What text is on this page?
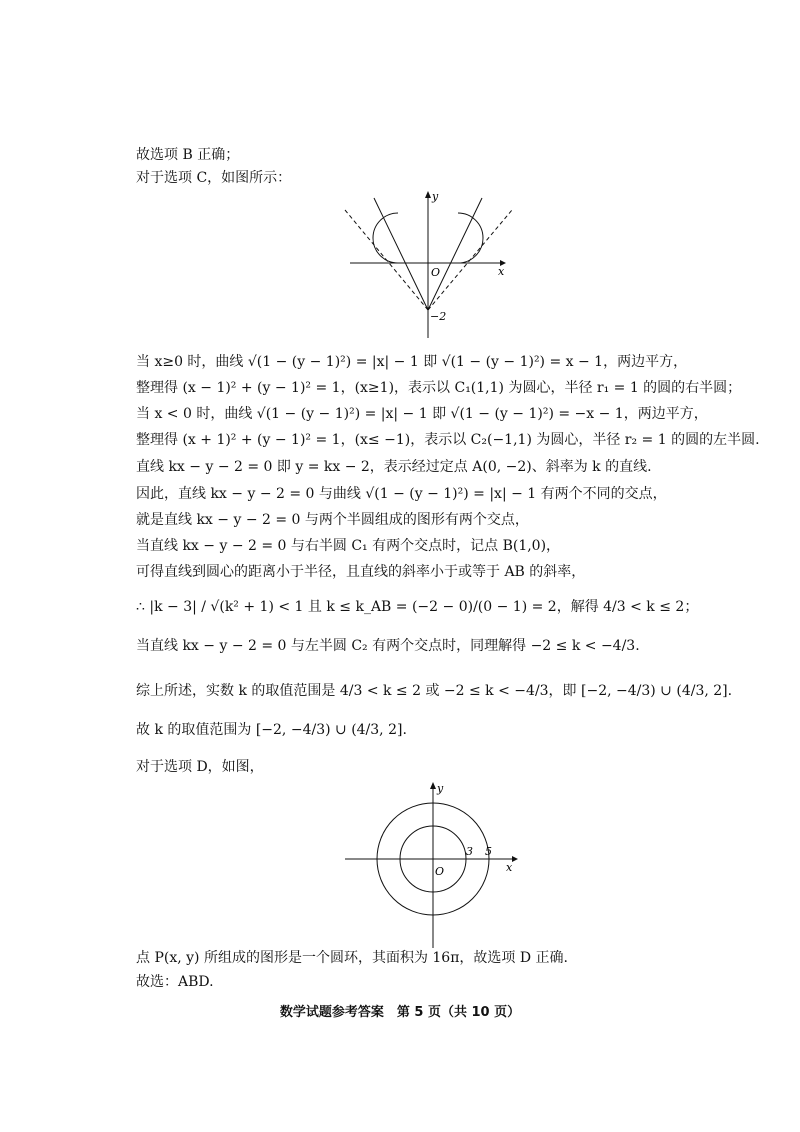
故选项 B 正确；
对于选项 C，如图所示：
y
x
O
−2
当 x≥0 时，曲线 √(1 − (y − 1)²) = |x| − 1 即 √(1 − (y − 1)²) = x − 1，两边平方，
整理得 (x − 1)² + (y − 1)² = 1，(x≥1)，表示以 C₁(1,1) 为圆心，半径 r₁ = 1 的圆的右半圆；
当 x < 0 时，曲线 √(1 − (y − 1)²) = |x| − 1 即 √(1 − (y − 1)²) = −x − 1，两边平方，
整理得 (x + 1)² + (y − 1)² = 1，(x≤ −1)，表示以 C₂(−1,1) 为圆心，半径 r₂ = 1 的圆的左半圆.
直线 kx − y − 2 = 0 即 y = kx − 2，表示经过定点 A(0, −2)、斜率为 k 的直线.
因此，直线 kx − y − 2 = 0 与曲线 √(1 − (y − 1)²) = |x| − 1 有两个不同的交点，
就是直线 kx − y − 2 = 0 与两个半圆组成的图形有两个交点，
当直线 kx − y − 2 = 0 与右半圆 C₁ 有两个交点时，记点 B(1,0)，
可得直线到圆心的距离小于半径，且直线的斜率小于或等于 AB 的斜率，
∴ |k − 3| / √(k² + 1) < 1 且 k ≤ k_AB = (−2 − 0)/(0 − 1) = 2，解得 4/3 < k ≤ 2；
当直线 kx − y − 2 = 0 与左半圆 C₂ 有两个交点时，同理解得 −2 ≤ k < −4/3.
综上所述，实数 k 的取值范围是 4/3 < k ≤ 2 或 −2 ≤ k < −4/3，即 [−2, −4/3) ∪ (4/3, 2].
故 k 的取值范围为 [−2, −4/3) ∪ (4/3, 2].
对于选项 D，如图，
y
x
O
3 5
点 P(x, y) 所组成的图形是一个圆环，其面积为 16π，故选项 D 正确.
故选：ABD.
数学试题参考答案　第 5 页（共 10 页）
